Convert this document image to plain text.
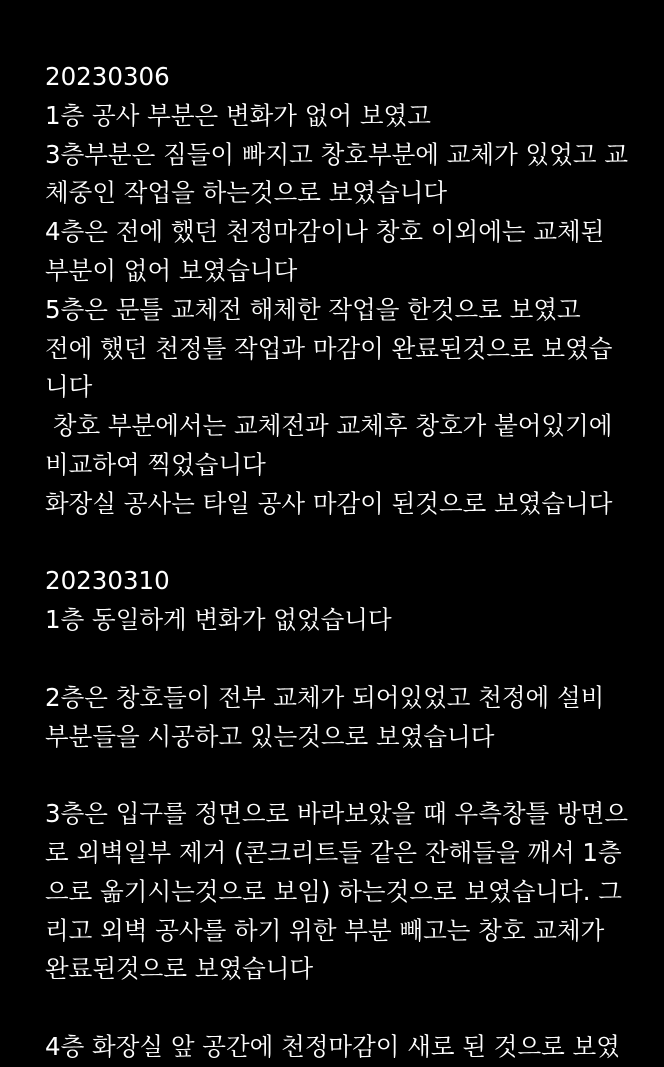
20230306
1층 공사 부분은 변화가 없어 보였고
3층부분은 짐들이 빠지고 창호부분에 교체가 있었고 교
체중인 작업을 하는것으로 보였습니다
4층은 전에 했던 천정마감이나 창호 이외에는 교체된
부분이 없어 보였습니다
5층은 문틀 교체전 해체한 작업을 한것으로 보였고
전에 했던 천정틀 작업과 마감이 완료된것으로 보였습
니다
창호 부분에서는 교체전과 교체후 창호가 붙어있기에
비교하여 찍었습니다
화장실 공사는 타일 공사 마감이 된것으로 보였습니다
20230310
1층 동일하게 변화가 없었습니다
2층은 창호들이 전부 교체가 되어있었고 천정에 설비
부분들을 시공하고 있는것으로 보였습니다
3층은 입구를 정면으로 바라보았을 때 우측창틀 방면으
로 외벽일부 제거 (콘크리트들 같은 잔해들을 깨서 1층
으로 옮기시는것으로 보임) 하는것으로 보였습니다. 그
리고 외벽 공사를 하기 위한 부분 빼고는 창호 교체가
완료된것으로 보였습니다
4층 화장실 앞 공간에 천정마감이 새로 된 것으로 보였
